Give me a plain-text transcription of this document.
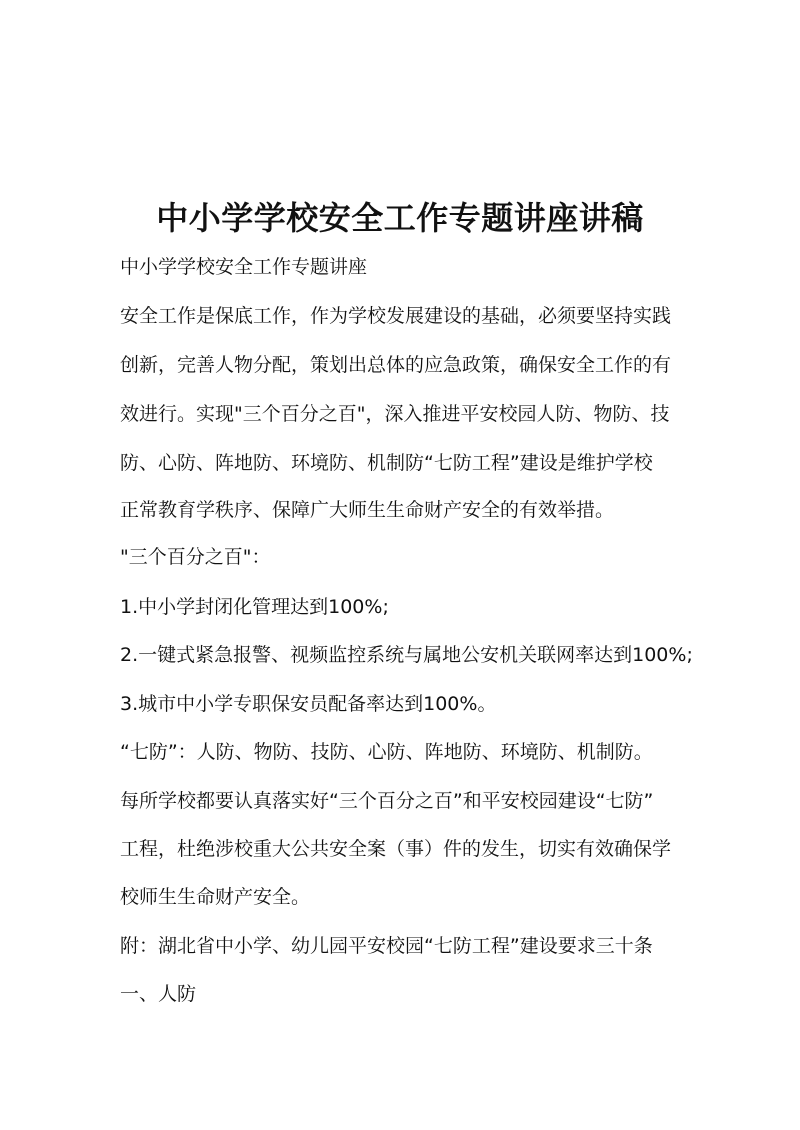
中小学学校安全工作专题讲座讲稿
中小学学校安全工作专题讲座
安全工作是保底工作，作为学校发展建设的基础，必须要坚持实践
创新，完善人物分配，策划出总体的应急政策，确保安全工作的有
效进行。实现"三个百分之百"，深入推进平安校园人防、物防、技
防、心防、阵地防、环境防、机制防“七防工程”建设是维护学校
正常教育学秩序、保障广大师生生命财产安全的有效举措。
"三个百分之百"：
1.中小学封闭化管理达到100%;
2.一键式紧急报警、视频监控系统与属地公安机关联网率达到100%;
3.城市中小学专职保安员配备率达到100%。
“七防”：人防、物防、技防、心防、阵地防、环境防、机制防。
每所学校都要认真落实好“三个百分之百”和平安校园建设“七防”
工程，杜绝涉校重大公共安全案（事）件的发生，切实有效确保学
校师生生命财产安全。
附：湖北省中小学、幼儿园平安校园“七防工程”建设要求三十条
一、人防
